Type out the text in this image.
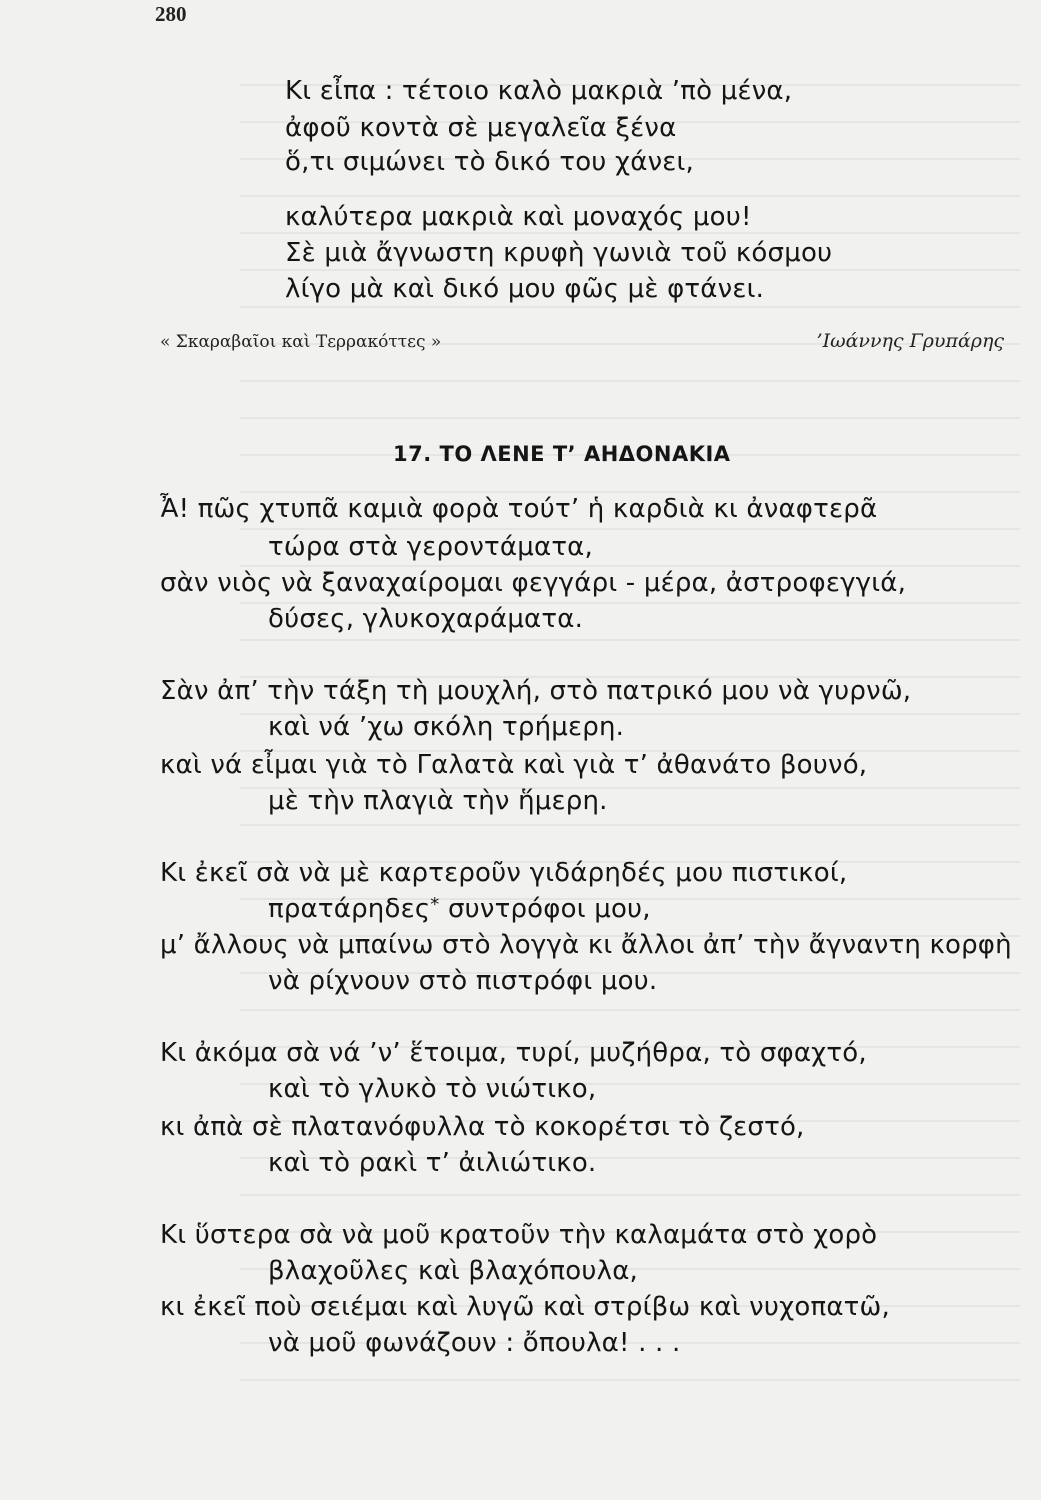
280
Κι εἶπα : τέτοιο καλὸ μακριὰ ’πὸ μένα,
ἀφοῦ κοντὰ σὲ μεγαλεῖα ξένα
ὅ,τι σιμώνει τὸ δικό του χάνει,
καλύτερα μακριὰ καὶ μοναχός μου!
Σὲ μιὰ ἄγνωστη κρυφὴ γωνιὰ τοῦ κόσμου
λίγο μὰ καὶ δικό μου φῶς μὲ φτάνει.
« Σκαραβαῖοι καὶ Τερρακόττες »	’Ιωάννης Γρυπάρης
17. ΤΟ ΛΕΝΕ Τ’ ΑΗΔΟΝΑΚΙΑ
Ἆ! πῶς χτυπᾶ καμιὰ φορὰ τούτ’ ἡ καρδιὰ κι ἀναφτερᾶ
τώρα στὰ γεροντάματα,
σὰν νιὸς νὰ ξαναχαίρομαι φεγγάρι - μέρα, ἀστροφεγγιά,
δύσες, γλυκοχαράματα.
Σὰν ἀπ’ τὴν τάξη τὴ μουχλή, στὸ πατρικό μου νὰ γυρνῶ,
καὶ νά ’χω σκόλη τρήμερη.
καὶ νά εἶμαι γιὰ τὸ Γαλατὰ καὶ γιὰ τ’ ἀθανάτο βουνό,
μὲ τὴν πλαγιὰ τὴν ἥμερη.
Κι ἐκεῖ σὰ νὰ μὲ καρτεροῦν γιδάρηδές μου πιστικοί,
πρατάρηδες* συντρόφοι μου,
μ’ ἄλλους νὰ μπαίνω στὸ λογγὰ κι ἄλλοι ἀπ’ τὴν ἄγναντη κορφὴ
νὰ ρίχνουν στὸ πιστρόφι μου.
Κι ἀκόμα σὰ νά ’ν’ ἕτοιμα, τυρί, μυζήθρα, τὸ σφαχτό,
καὶ τὸ γλυκὸ τὸ νιώτικο,
κι ἀπὰ σὲ πλατανόφυλλα τὸ κοκορέτσι τὸ ζεστό,
καὶ τὸ ρακὶ τ’ ἀιλιώτικο.
Κι ὕστερα σὰ νὰ μοῦ κρατοῦν τὴν καλαμάτα στὸ χορὸ
βλαχοῦλες καὶ βλαχόπουλα,
κι ἐκεῖ ποὺ σειέμαι καὶ λυγῶ καὶ στρίβω καὶ νυχοπατῶ,
νὰ μοῦ φωνάζουν : ὄπουλα! . . .
